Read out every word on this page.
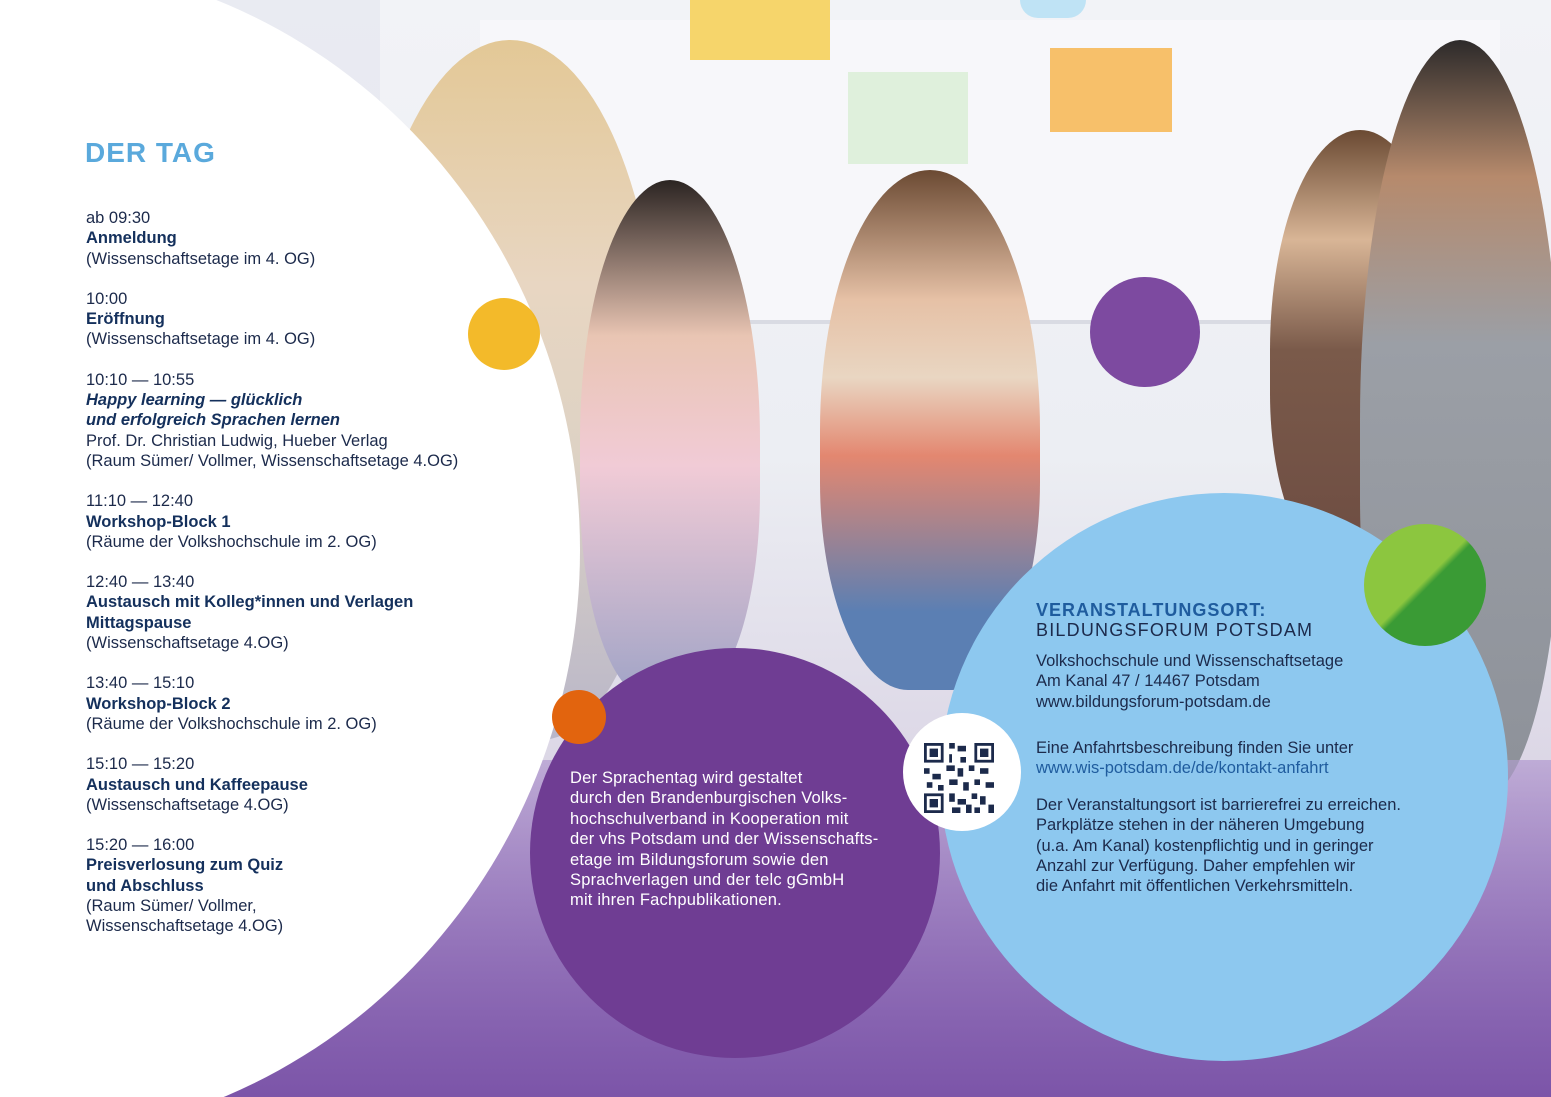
DER TAG
ab 09:30
Anmeldung
(Wissenschaftsetage im 4. OG)
10:00
Eröffnung
(Wissenschaftsetage im 4. OG)
10:10 — 10:55
Happy learning — glücklich
und erfolgreich Sprachen lernen
Prof. Dr. Christian Ludwig, Hueber Verlag
(Raum Sümer/ Vollmer, Wissenschaftsetage 4.OG)
11:10 — 12:40
Workshop-Block 1
(Räume der Volkshochschule im 2. OG)
12:40 — 13:40
Austausch mit Kolleg*innen und Verlagen
Mittagspause
(Wissenschaftsetage 4.OG)
13:40 — 15:10
Workshop-Block 2
(Räume der Volkshochschule im 2. OG)
15:10 — 15:20
Austausch und Kaffeepause
(Wissenschaftsetage 4.OG)
15:20 — 16:00
Preisverlosung zum Quiz
und Abschluss
(Raum Sümer/ Vollmer,
Wissenschaftsetage 4.OG)
Der Sprachentag wird gestaltet
durch den Brandenburgischen Volks-
hochschulverband in Kooperation mit
der vhs Potsdam und der Wissenschafts-
etage im Bildungsforum sowie den
Sprachverlagen und der telc gGmbH
mit ihren Fachpublikationen.
VERANSTALTUNGSORT:
BILDUNGSFORUM POTSDAM
Volkshochschule und Wissenschaftsetage
Am Kanal 47 / 14467 Potsdam
www.bildungsforum-potsdam.de
Eine Anfahrtsbeschreibung finden Sie unter
www.wis-potsdam.de/de/kontakt-anfahrt
Der Veranstaltungsort ist barrierefrei zu erreichen.
Parkplätze stehen in der näheren Umgebung
(u.a. Am Kanal) kostenpflichtig und in geringer
Anzahl zur Verfügung. Daher empfehlen wir
die Anfahrt mit öffentlichen Verkehrsmitteln.
